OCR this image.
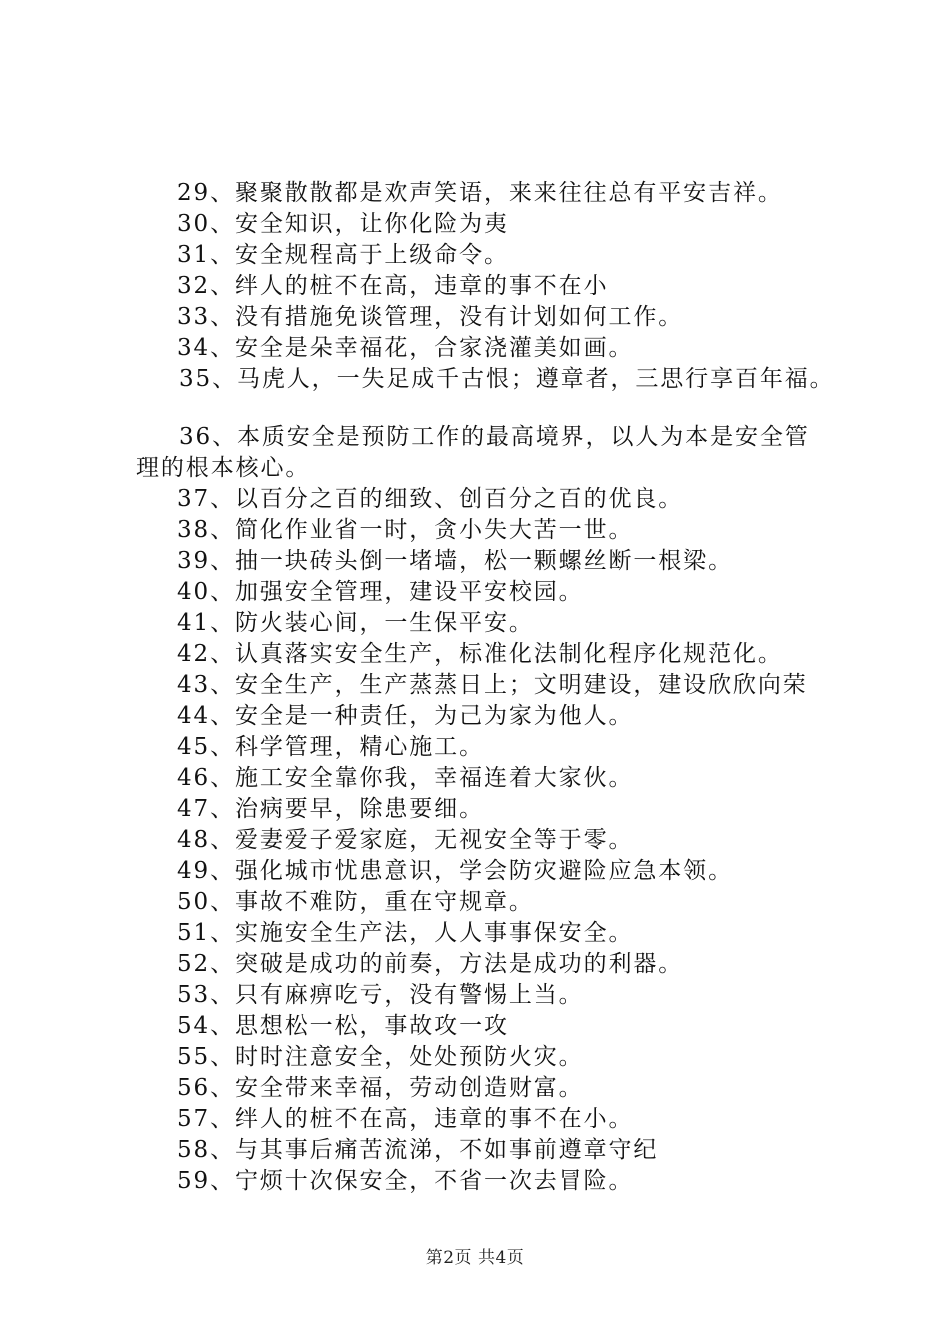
29、聚聚散散都是欢声笑语，来来往往总有平安吉祥。
30、安全知识，让你化险为夷
31、安全规程高于上级命令。
32、绊人的桩不在高，违章的事不在小
33、没有措施免谈管理，没有计划如何工作。
34、安全是朵幸福花，合家浇灌美如画。
35、马虎人，一失足成千古恨；遵章者，三思行享百年福。
36、本质安全是预防工作的最高境界，以人为本是安全管
理的根本核心。
37、以百分之百的细致、创百分之百的优良。
38、简化作业省一时，贪小失大苦一世。
39、抽一块砖头倒一堵墙，松一颗螺丝断一根梁。
40、加强安全管理，建设平安校园。
41、防火装心间，一生保平安。
42、认真落实安全生产，标准化法制化程序化规范化。
43、安全生产，生产蒸蒸日上；文明建设，建设欣欣向荣
44、安全是一种责任，为己为家为他人。
45、科学管理，精心施工。
46、施工安全靠你我，幸福连着大家伙。
47、治病要早，除患要细。
48、爱妻爱子爱家庭，无视安全等于零。
49、强化城市忧患意识，学会防灾避险应急本领。
50、事故不难防，重在守规章。
51、实施安全生产法，人人事事保安全。
52、突破是成功的前奏，方法是成功的利器。
53、只有麻痹吃亏，没有警惕上当。
54、思想松一松，事故攻一攻
55、时时注意安全，处处预防火灾。
56、安全带来幸福，劳动创造财富。
57、绊人的桩不在高，违章的事不在小。
58、与其事后痛苦流涕，不如事前遵章守纪
59、宁烦十次保安全，不省一次去冒险。
第2页 共4页
